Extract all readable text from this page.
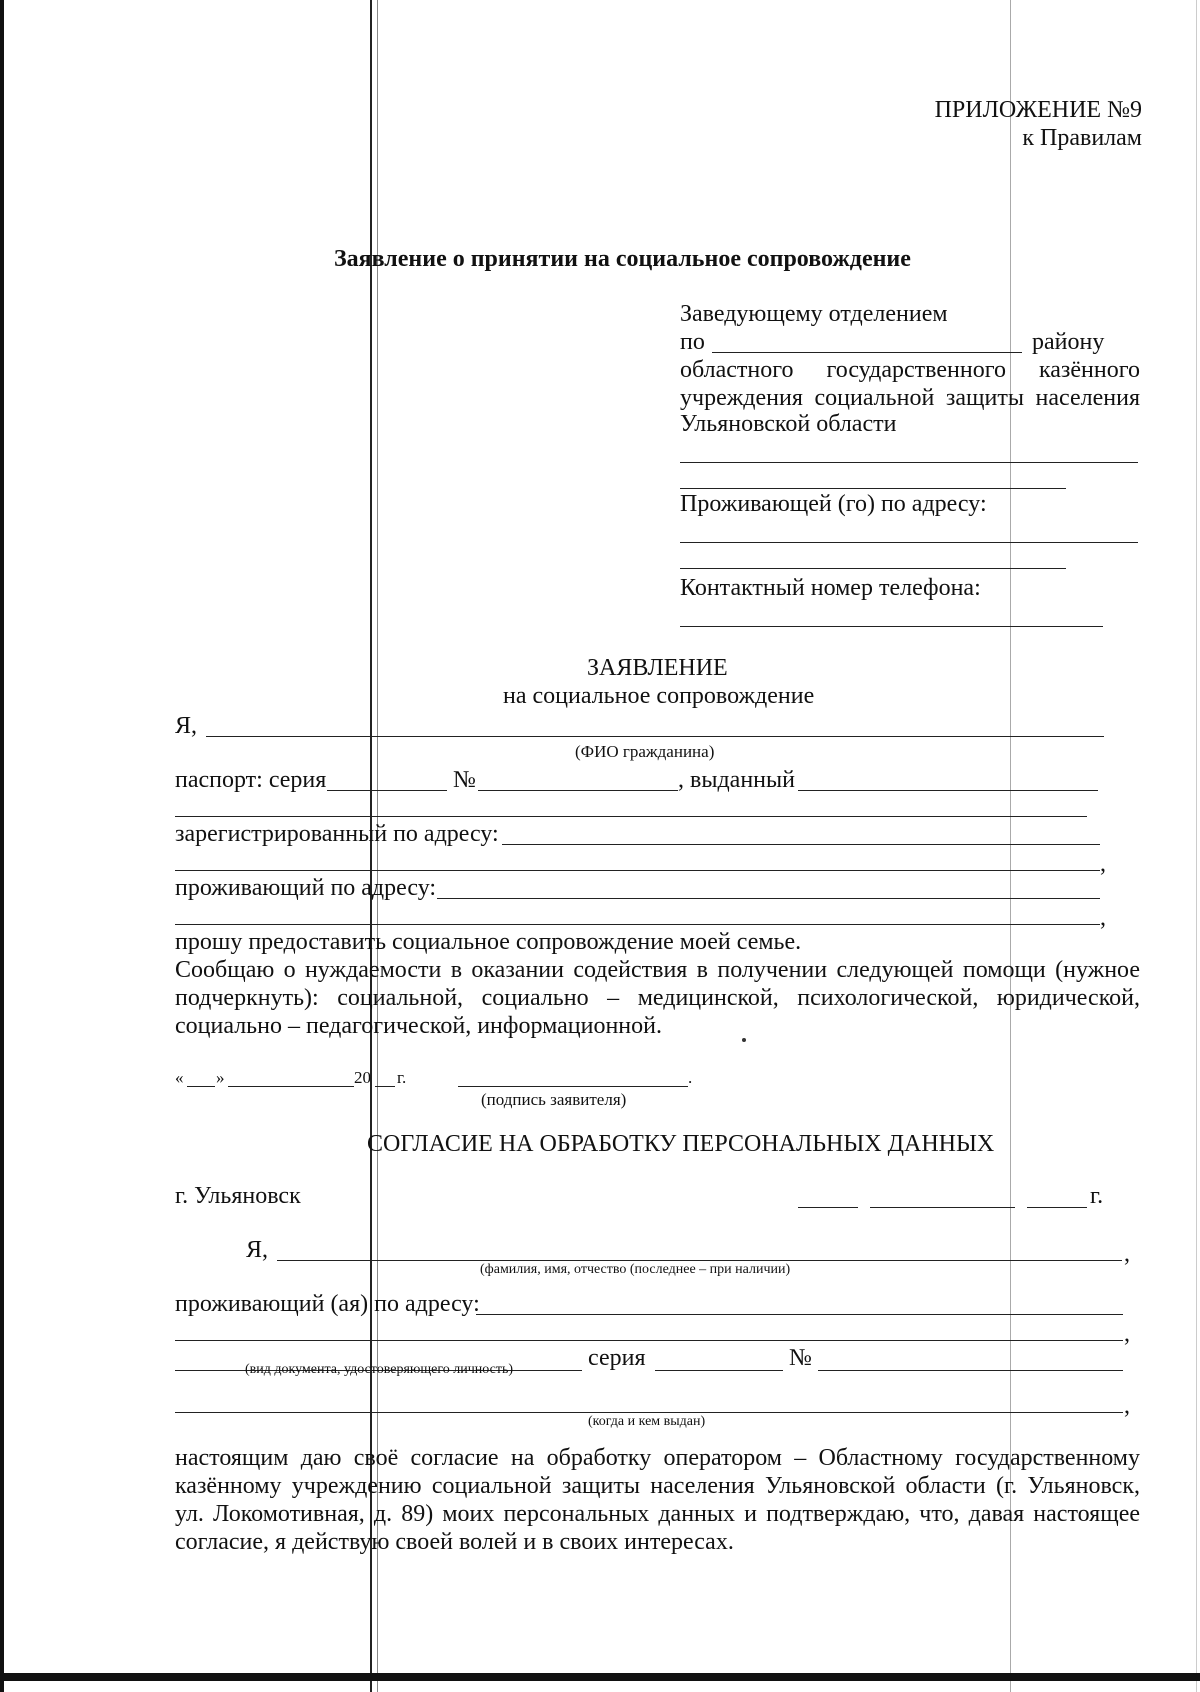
ПРИЛОЖЕНИЕ №9
к Правилам
Заявление о принятии на социальное сопровождение
Заведующему отделением
по	району
областного государственного казённого
учреждения социальной защиты населения
Ульяновской области
Проживающей (го) по адресу:
Контактный номер телефона:
ЗАЯВЛЕНИЕ
на социальное сопровождение
Я,
(ФИО гражданина)
паспорт: серия	№	, выданный
зарегистрированный по адресу:
,
проживающий по адресу:
,
прошу предоставить социальное сопровождение моей семье.
Сообщаю о нуждаемости в оказании содействия в получении следующей помощи (нужное
подчеркнуть): социальной, социально – медицинской, психологической, юридической,
социально – педагогической, информационной.
« »	20 г.	.
(подпись заявителя)
СОГЛАСИЕ НА ОБРАБОТКУ ПЕРСОНАЛЬНЫХ ДАННЫХ
г. Ульяновск	г.
Я,	,
(фамилия, имя, отчество (последнее – при наличии)
проживающий (ая) по адресу:
,
серия	№
(вид документа, удостоверяющего личность)
,
(когда и кем выдан)
настоящим даю своё согласие на обработку оператором – Областному государственному
казённому учреждению социальной защиты населения Ульяновской области (г. Ульяновск,
ул. Локомотивная, д. 89) моих персональных данных и подтверждаю, что, давая настоящее
согласие, я действую своей волей и в своих интересах.
